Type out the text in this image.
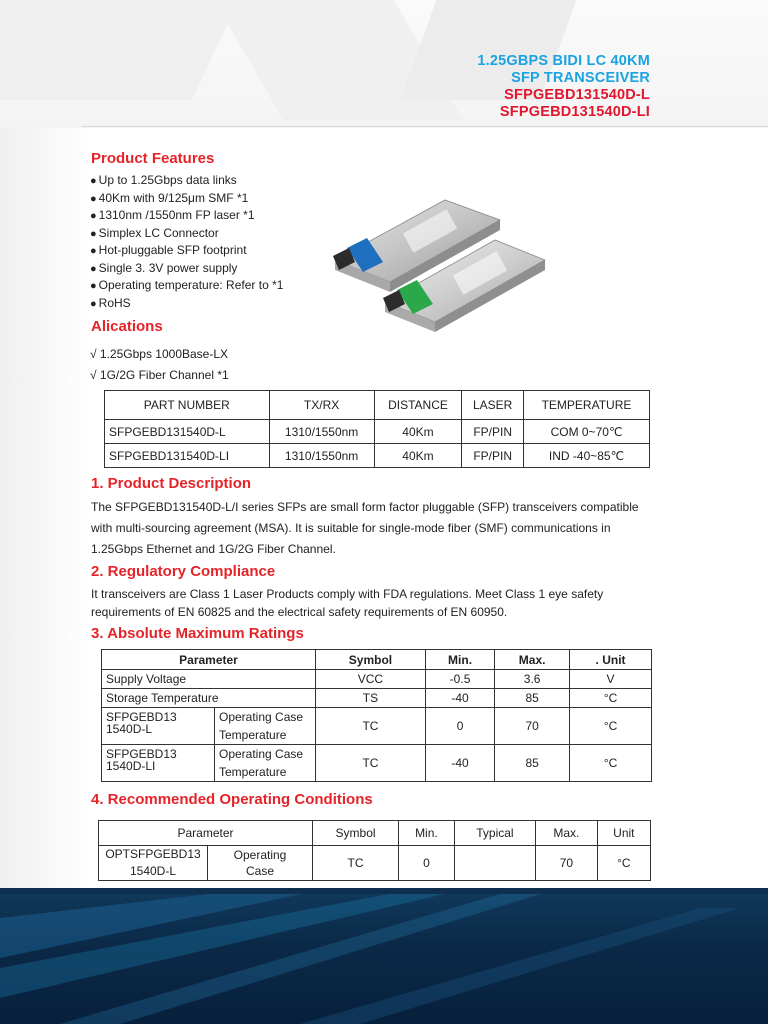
1.25GBPS BIDI LC 40KM
SFP TRANSCEIVER
SFPGEBD131540D-L
SFPGEBD131540D-LI
Product Features
● Up to 1.25Gbps data links
● 40Km with 9/125μm SMF *1
● 1310nm /1550nm FP laser *1
● Simplex LC Connector
● Hot-pluggable SFP footprint
● Single 3. 3V power supply
● Operating temperature: Refer to *1
● RoHS
Alications
√ 1.25Gbps 1000Base-LX
√ 1G/2G Fiber Channel *1
PART NUMBER	TX/RX	DISTANCE	LASER	TEMPERATURE
SFPGEBD131540D-L	1310/1550nm	40Km	FP/PIN	COM 0~70℃
SFPGEBD131540D-LI	1310/1550nm	40Km	FP/PIN	IND -40~85℃
1. Product Description
The SFPGEBD131540D-L/I series SFPs are small form factor pluggable (SFP) transceivers compatible with multi-sourcing agreement (MSA). It is suitable for single-mode fiber (SMF) communications in 1.25Gbps Ethernet and 1G/2G Fiber Channel.
2. Regulatory Compliance
It transceivers are Class 1 Laser Products comply with FDA regulations. Meet Class 1 eye safety requirements of EN 60825 and the electrical safety requirements of EN 60950.
3. Absolute Maximum Ratings
Parameter		Symbol	Min.	Max.	. Unit
Supply Voltage		VCC	-0.5	3.6	V
Storage Temperature		TS	-40	85	°C
SFPGEBD13
1540D-L	Operating Case Temperature	TC	0	70	°C
SFPGEBD13
1540D-LI	Operating Case Temperature	TC	-40	85	°C
4. Recommended Operating Conditions
Parameter		Symbol	Min.	Typical	Max.	Unit
OPTSFPGEBD13
1540D-L	Operating
Case	TC	0		70	°C
